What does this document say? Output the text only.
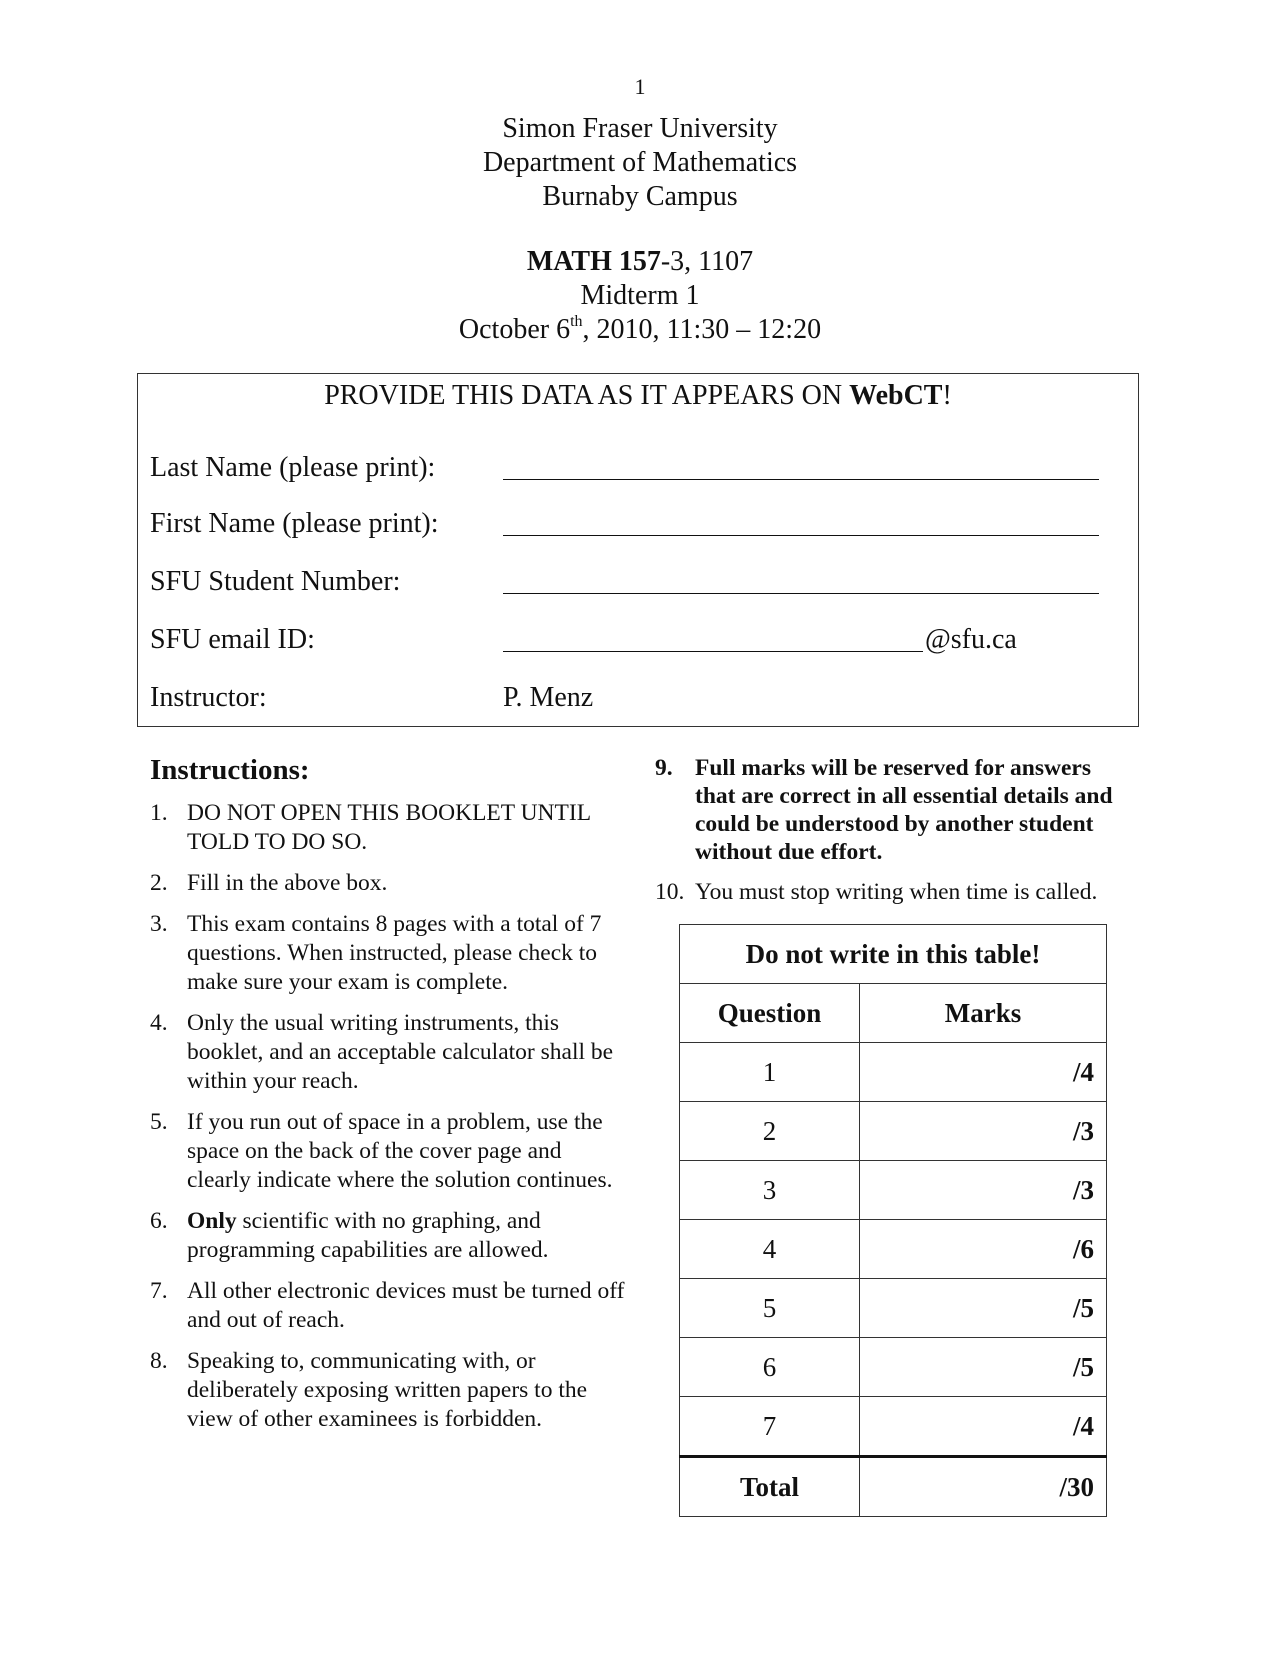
1
Simon Fraser University
Department of Mathematics
Burnaby Campus
MATH 157-3, 1107
Midterm 1
October 6th, 2010, 11:30 – 12:20
PROVIDE THIS DATA AS IT APPEARS ON WebCT!
Last Name (please print):
First Name (please print):
SFU Student Number:
SFU email ID:	@sfu.ca
Instructor:	P. Menz
Instructions:
1. DO NOT OPEN THIS BOOKLET UNTIL TOLD TO DO SO.
2. Fill in the above box.
3. This exam contains 8 pages with a total of 7 questions. When instructed, please check to make sure your exam is complete.
4. Only the usual writing instruments, this booklet, and an acceptable calculator shall be within your reach.
5. If you run out of space in a problem, use the space on the back of the cover page and clearly indicate where the solution continues.
6. Only scientific with no graphing, and programming capabilities are allowed.
7. All other electronic devices must be turned off and out of reach.
8. Speaking to, communicating with, or deliberately exposing written papers to the view of other examinees is forbidden.
9. Full marks will be reserved for answers that are correct in all essential details and could be understood by another student without due effort.
10. You must stop writing when time is called.
Do not write in this table!	
Question	Marks
1	/4
2	/3
3	/3
4	/6
5	/5
6	/5
7	/4
Total	/30
